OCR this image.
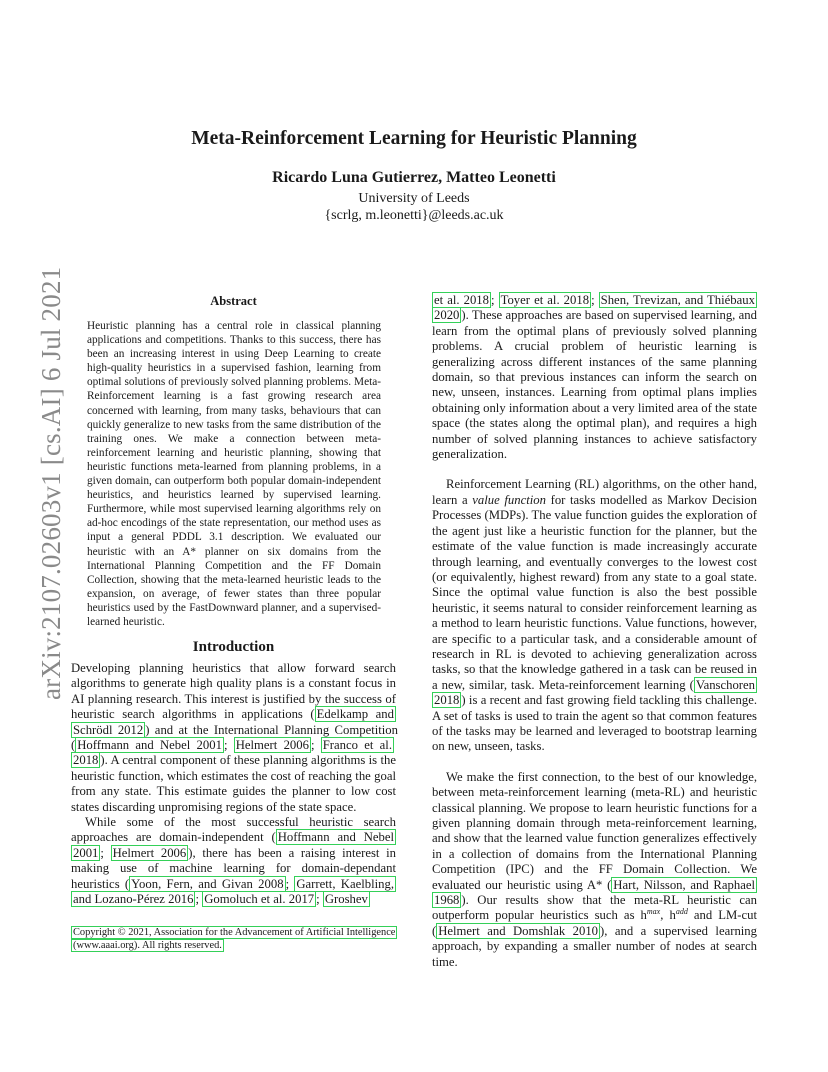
arXiv:2107.02603v1 [cs.AI] 6 Jul 2021
Meta-Reinforcement Learning for Heuristic Planning
Ricardo Luna Gutierrez, Matteo Leonetti
University of Leeds
{scrlg, m.leonetti}@leeds.ac.uk
Abstract
Heuristic planning has a central role in classical planning applications and competitions. Thanks to this success, there has been an increasing interest in using Deep Learning to create high-quality heuristics in a supervised fashion, learning from optimal solutions of previously solved planning problems. Meta-Reinforcement learning is a fast growing research area concerned with learning, from many tasks, behaviours that can quickly generalize to new tasks from the same distribution of the training ones. We make a connection between meta-reinforcement learning and heuristic planning, showing that heuristic functions meta-learned from planning problems, in a given domain, can outperform both popular domain-independent heuristics, and heuristics learned by supervised learning. Furthermore, while most supervised learning algorithms rely on ad-hoc encodings of the state representation, our method uses as input a general PDDL 3.1 description. We evaluated our heuristic with an A* planner on six domains from the International Planning Competition and the FF Domain Collection, showing that the meta-learned heuristic leads to the expansion, on average, of fewer states than three popular heuristics used by the FastDownward planner, and a supervised-learned heuristic.
Introduction

Developing planning heuristics that allow forward search algorithms to generate high quality plans is a constant focus in AI planning research. This interest is justified by the success of heuristic search algorithms in applications ( Edelkamp and Schrödl 2012 ) and at the International Planning Competition ( Hoffmann and Nebel 2001 ; Helmert 2006 ; Franco et al. 2018 ). A central component of these planning algorithms is the heuristic function, which estimates the cost of reaching the goal from any state. This estimate guides the planner to low cost states discarding unpromising regions of the state space.

While some of the most successful heuristic search approaches are domain-independent ( Hoffmann and Nebel 2001 ; Helmert 2006 ), there has been a raising interest in making use of machine learning for domain-dependant heuristics ( Yoon, Fern, and Givan 2008 ; Garrett, Kaelbling, and Lozano-Pérez 2016 ; Gomoluch et al. 2017 ; Groshev

Copyright © 2021, Association for the Advancement of Artificial Intelligence (www.aaai.org). All rights reserved.

et al. 2018 ; Toyer et al. 2018 ; Shen, Trevizan, and Thiébaux 2020 ). These approaches are based on supervised learning, and learn from the optimal plans of previously solved planning problems. A crucial problem of heuristic learning is generalizing across different instances of the same planning domain, so that previous instances can inform the search on new, unseen, instances. Learning from optimal plans implies obtaining only information about a very limited area of the state space (the states along the optimal plan), and requires a high number of solved planning instances to achieve satisfactory generalization.

Reinforcement Learning (RL) algorithms, on the other hand, learn a value function for tasks modelled as Markov Decision Processes (MDPs). The value function guides the exploration of the agent just like a heuristic function for the planner, but the estimate of the value function is made increasingly accurate through learning, and eventually converges to the lowest cost (or equivalently, highest reward) from any state to a goal state. Since the optimal value function is also the best possible heuristic, it seems natural to consider reinforcement learning as a method to learn heuristic functions. Value functions, however, are specific to a particular task, and a considerable amount of research in RL is devoted to achieving generalization across tasks, so that the knowledge gathered in a task can be reused in a new, similar, task. Meta-reinforcement learning ( Vanschoren 2018 ) is a recent and fast growing field tackling this challenge. A set of tasks is used to train the agent so that common features of the tasks may be learned and leveraged to bootstrap learning on new, unseen, tasks.

We make the first connection, to the best of our knowledge, between meta-reinforcement learning (meta-RL) and heuristic classical planning. We propose to learn heuristic functions for a given planning domain through meta-reinforcement learning, and show that the learned value function generalizes effectively in a collection of domains from the International Planning Competition (IPC) and the FF Domain Collection. We evaluated our heuristic using A* ( Hart, Nilsson, and Raphael 1968 ). Our results show that the meta-RL heuristic can outperform popular heuristics such as $h^{max}$, $h^{add}$ and LM-cut ( Helmert and Domshlak 2010 ), and a supervised learning approach, by expanding a smaller number of nodes at search time.
